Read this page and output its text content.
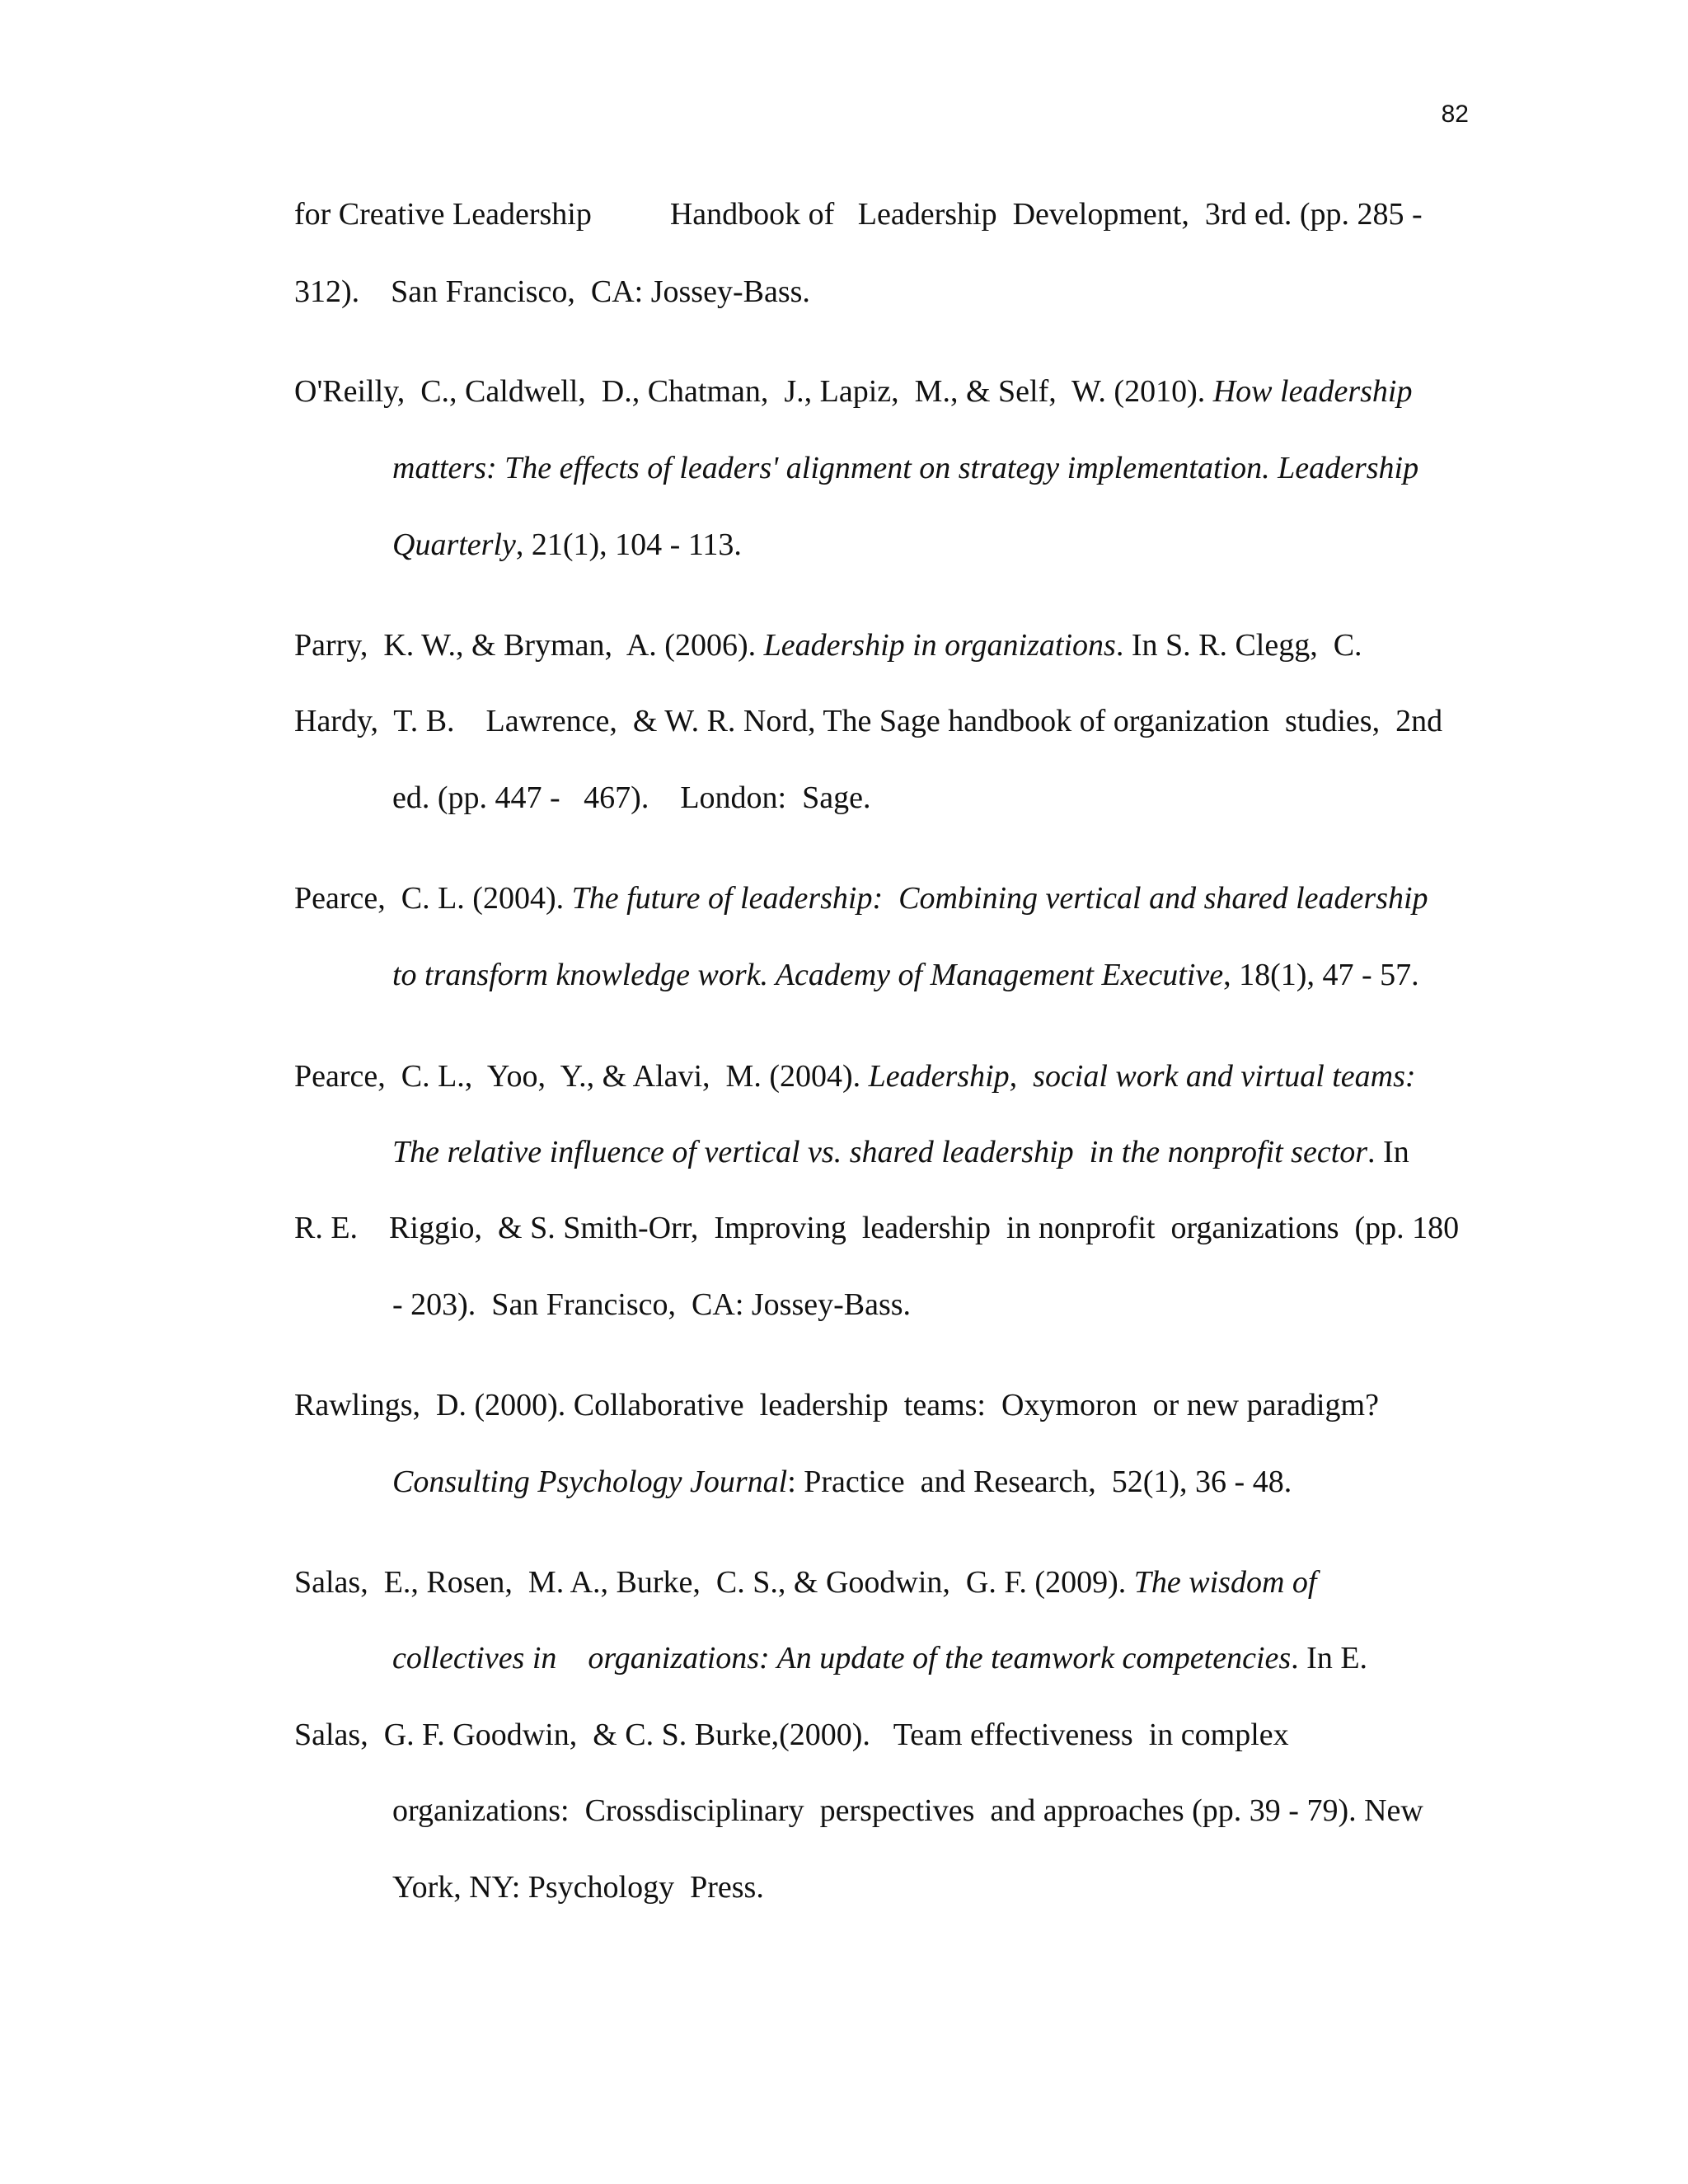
82
for Creative Leadership          Handbook of   Leadership  Development,  3rd ed. (pp. 285 -
312).    San Francisco,  CA: Jossey-Bass.
O'Reilly,  C., Caldwell,  D., Chatman,  J., Lapiz,  M., & Self,  W. (2010). How leadership
matters: The effects of leaders' alignment on strategy implementation. Leadership
Quarterly, 21(1), 104 - 113.
Parry,  K. W., & Bryman,  A. (2006). Leadership in organizations. In S. R. Clegg,  C.
Hardy,  T. B.    Lawrence,  & W. R. Nord, The Sage handbook of organization  studies,  2nd
ed. (pp. 447 -   467).    London:  Sage.
Pearce,  C. L. (2004). The future of leadership:  Combining vertical and shared leadership
to transform knowledge work. Academy of Management Executive, 18(1), 47 - 57.
Pearce,  C. L.,  Yoo,  Y., & Alavi,  M. (2004). Leadership,  social work and virtual teams:
The relative influence of vertical vs. shared leadership  in the nonprofit sector. In
R. E.    Riggio,  & S. Smith-Orr,  Improving  leadership  in nonprofit  organizations  (pp. 180
- 203).  San Francisco,  CA: Jossey-Bass.
Rawlings,  D. (2000). Collaborative  leadership  teams:  Oxymoron  or new paradigm?
Consulting Psychology Journal: Practice  and Research,  52(1), 36 - 48.
Salas,  E., Rosen,  M. A., Burke,  C. S., & Goodwin,  G. F. (2009). The wisdom of
collectives in    organizations: An update of the teamwork competencies. In E.
Salas,  G. F. Goodwin,  & C. S. Burke,(2000).   Team effectiveness  in complex
organizations:  Crossdisciplinary  perspectives  and approaches (pp. 39 - 79). New
York, NY: Psychology  Press.
